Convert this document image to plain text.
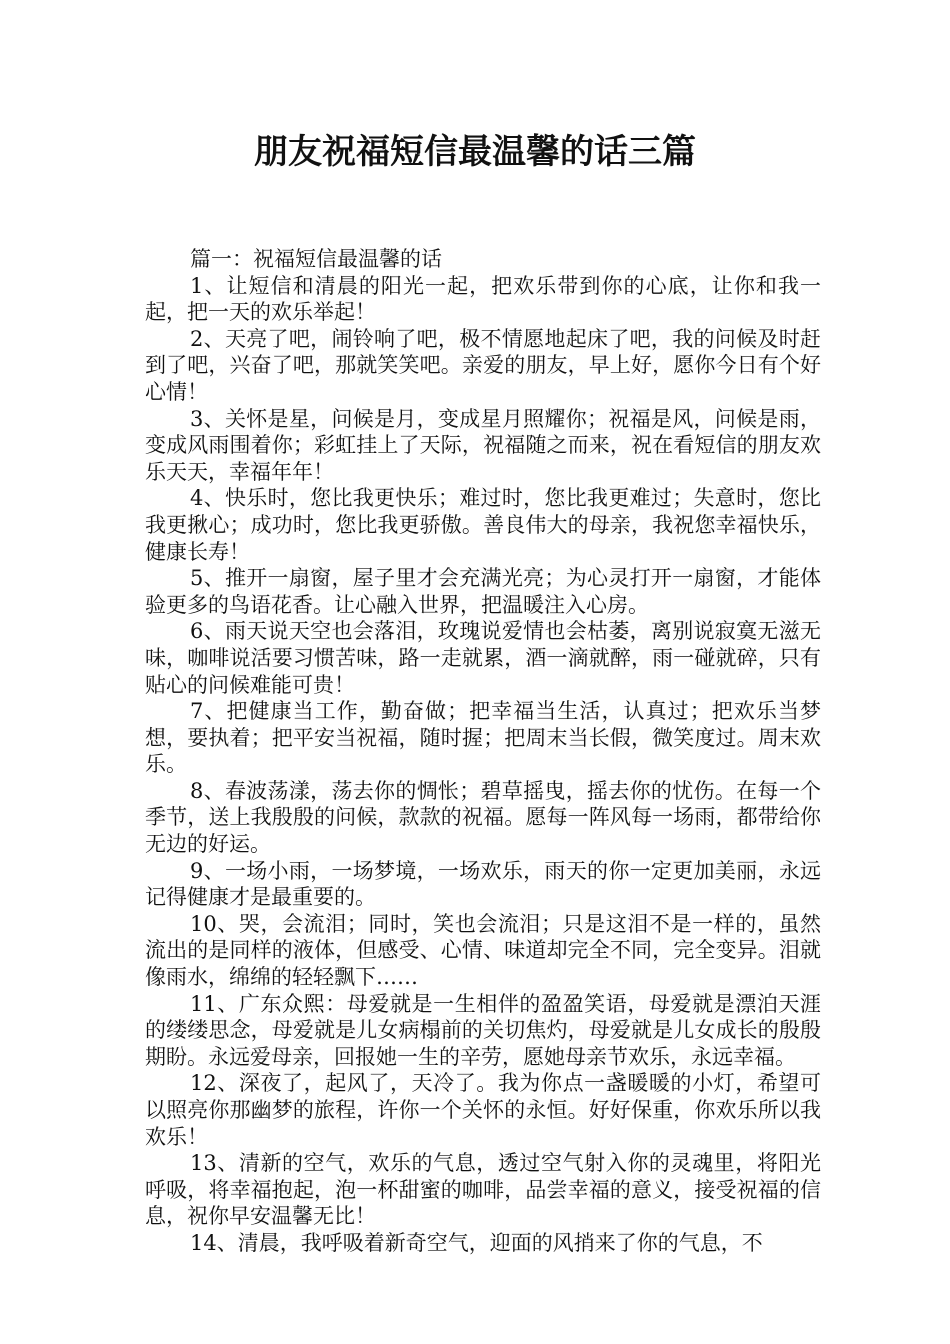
朋友祝福短信最温馨的话三篇

篇一：祝福短信最温馨的话

1、让短信和清晨的阳光一起，把欢乐带到你的心底，让你和我一起，把一天的欢乐举起！

2、天亮了吧，闹铃响了吧，极不情愿地起床了吧，我的问候及时赶到了吧，兴奋了吧，那就笑笑吧。亲爱的朋友，早上好，愿你今日有个好心情！

3、关怀是星，问候是月，变成星月照耀你；祝福是风，问候是雨，变成风雨围着你；彩虹挂上了天际，祝福随之而来，祝在看短信的朋友欢乐天天，幸福年年！

4、快乐时，您比我更快乐；难过时，您比我更难过；失意时，您比我更揪心；成功时，您比我更骄傲。善良伟大的母亲，我祝您幸福快乐，健康长寿！

5、推开一扇窗，屋子里才会充满光亮；为心灵打开一扇窗，才能体验更多的鸟语花香。让心融入世界，把温暖注入心房。

6、雨天说天空也会落泪，玫瑰说爱情也会枯萎，离别说寂寞无滋无味，咖啡说活要习惯苦味，路一走就累，酒一滴就醉，雨一碰就碎，只有贴心的问候难能可贵！

7、把健康当工作，勤奋做；把幸福当生活，认真过；把欢乐当梦想，要执着；把平安当祝福，随时握；把周末当长假，微笑度过。周末欢乐。

8、春波荡漾，荡去你的惆怅；碧草摇曳，摇去你的忧伤。在每一个季节，送上我殷殷的问候，款款的祝福。愿每一阵风每一场雨，都带给你无边的好运。

9、一场小雨，一场梦境，一场欢乐，雨天的你一定更加美丽，永远记得健康才是最重要的。

10、哭，会流泪；同时，笑也会流泪；只是这泪不是一样的，虽然流出的是同样的液体，但感受、心情、味道却完全不同，完全变异。泪就像雨水，绵绵的轻轻飘下……

11、广东众熙：母爱就是一生相伴的盈盈笑语，母爱就是漂泊天涯的缕缕思念，母爱就是儿女病榻前的关切焦灼，母爱就是儿女成长的殷殷期盼。永远爱母亲，回报她一生的辛劳，愿她母亲节欢乐，永远幸福。

12、深夜了，起风了，天冷了。我为你点一盏暖暖的小灯，希望可以照亮你那幽梦的旅程，许你一个关怀的永恒。好好保重，你欢乐所以我欢乐！

13、清新的空气，欢乐的气息，透过空气射入你的灵魂里，将阳光呼吸，将幸福抱起，泡一杯甜蜜的咖啡，品尝幸福的意义，接受祝福的信息，祝你早安温馨无比！

14、清晨，我呼吸着新奇空气，迎面的风捎来了你的气息，不
